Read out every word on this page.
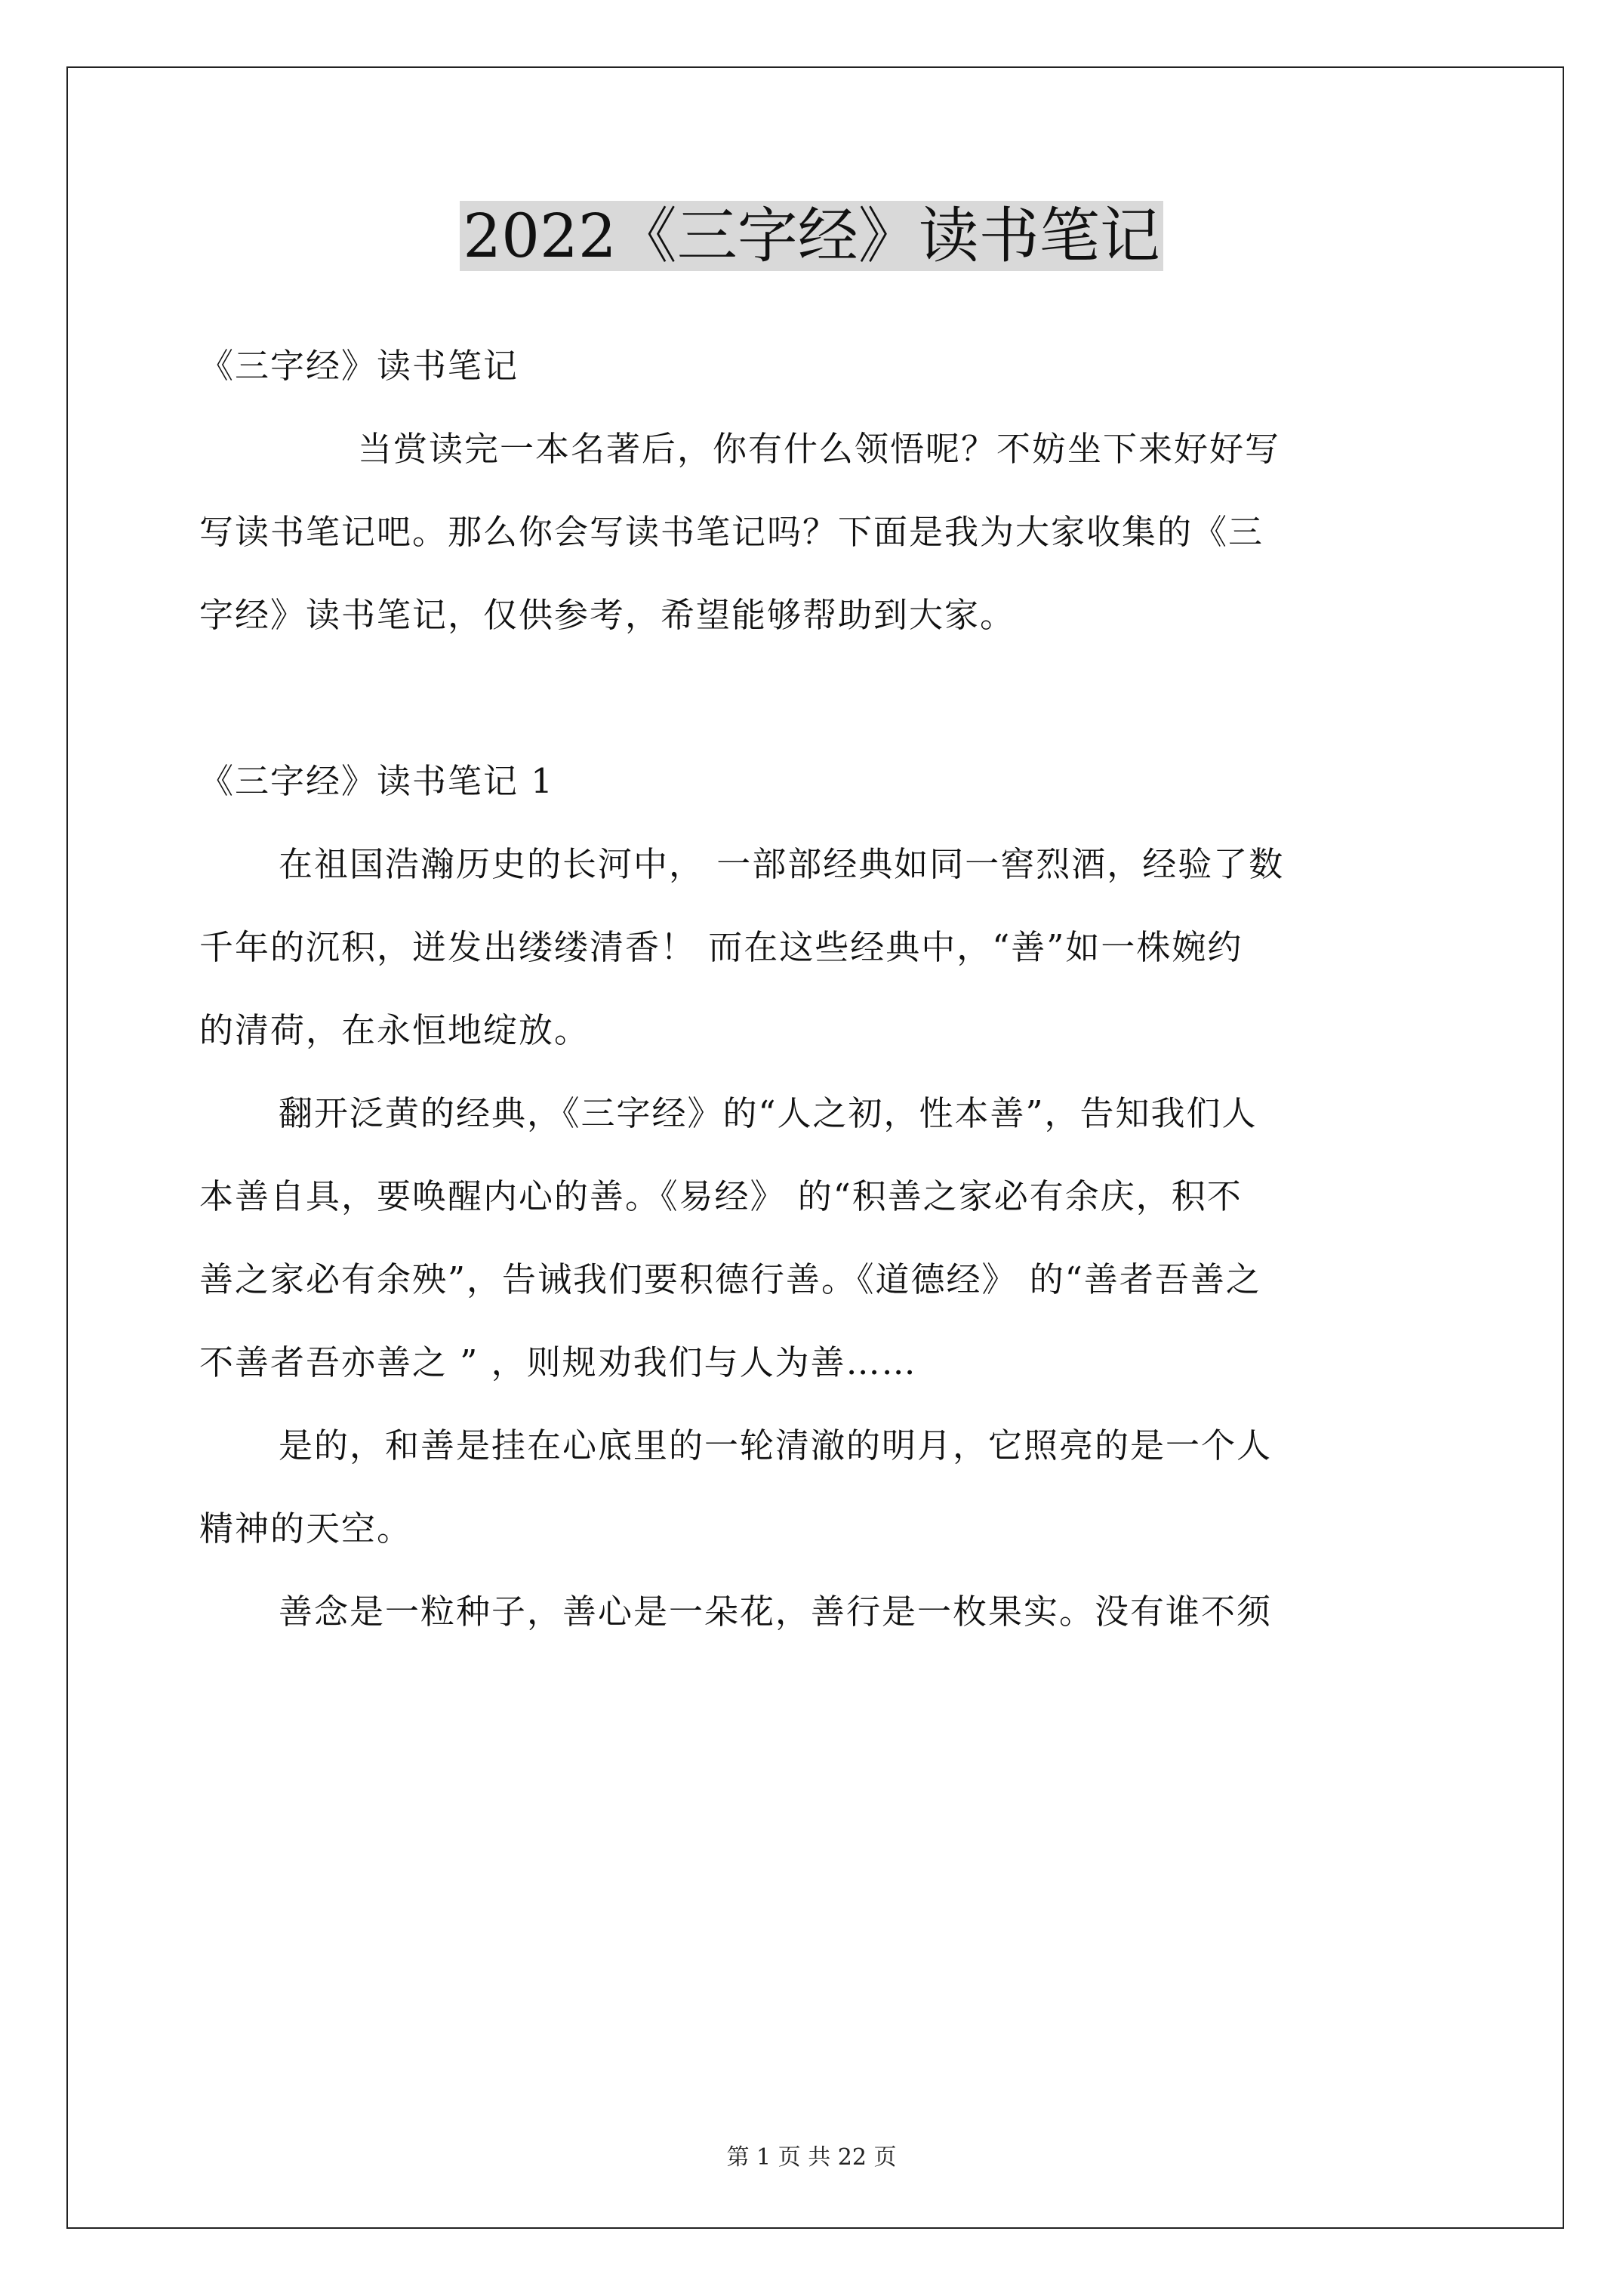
2022《三字经》读书笔记
《三字经》读书笔记
当赏读完一本名著后，你有什么领悟呢？不妨坐下来好好写
写读书笔记吧。那么你会写读书笔记吗？下面是我为大家收集的《三
字经》读书笔记，仅供参考，希望能够帮助到大家。
《三字经》读书笔记 1
在祖国浩瀚历史的长河中， 一部部经典如同一窖烈酒，经验了数
千年的沉积，迸发出缕缕清香！ 而在这些经典中，“善”如一株婉约
的清荷，在永恒地绽放。
翻开泛黄的经典，《三字经》的“人之初，性本善”，告知我们人
本善自具，要唤醒内心的善。《易经》 的“积善之家必有余庆，积不
善之家必有余殃”，告诫我们要积德行善。《道德经》 的“善者吾善之
不善者吾亦善之 ” ，则规劝我们与人为善……
是的，和善是挂在心底里的一轮清澈的明月，它照亮的是一个人
精神的天空。
善念是一粒种子，善心是一朵花，善行是一枚果实。没有谁不须
第 1 页 共 22 页
